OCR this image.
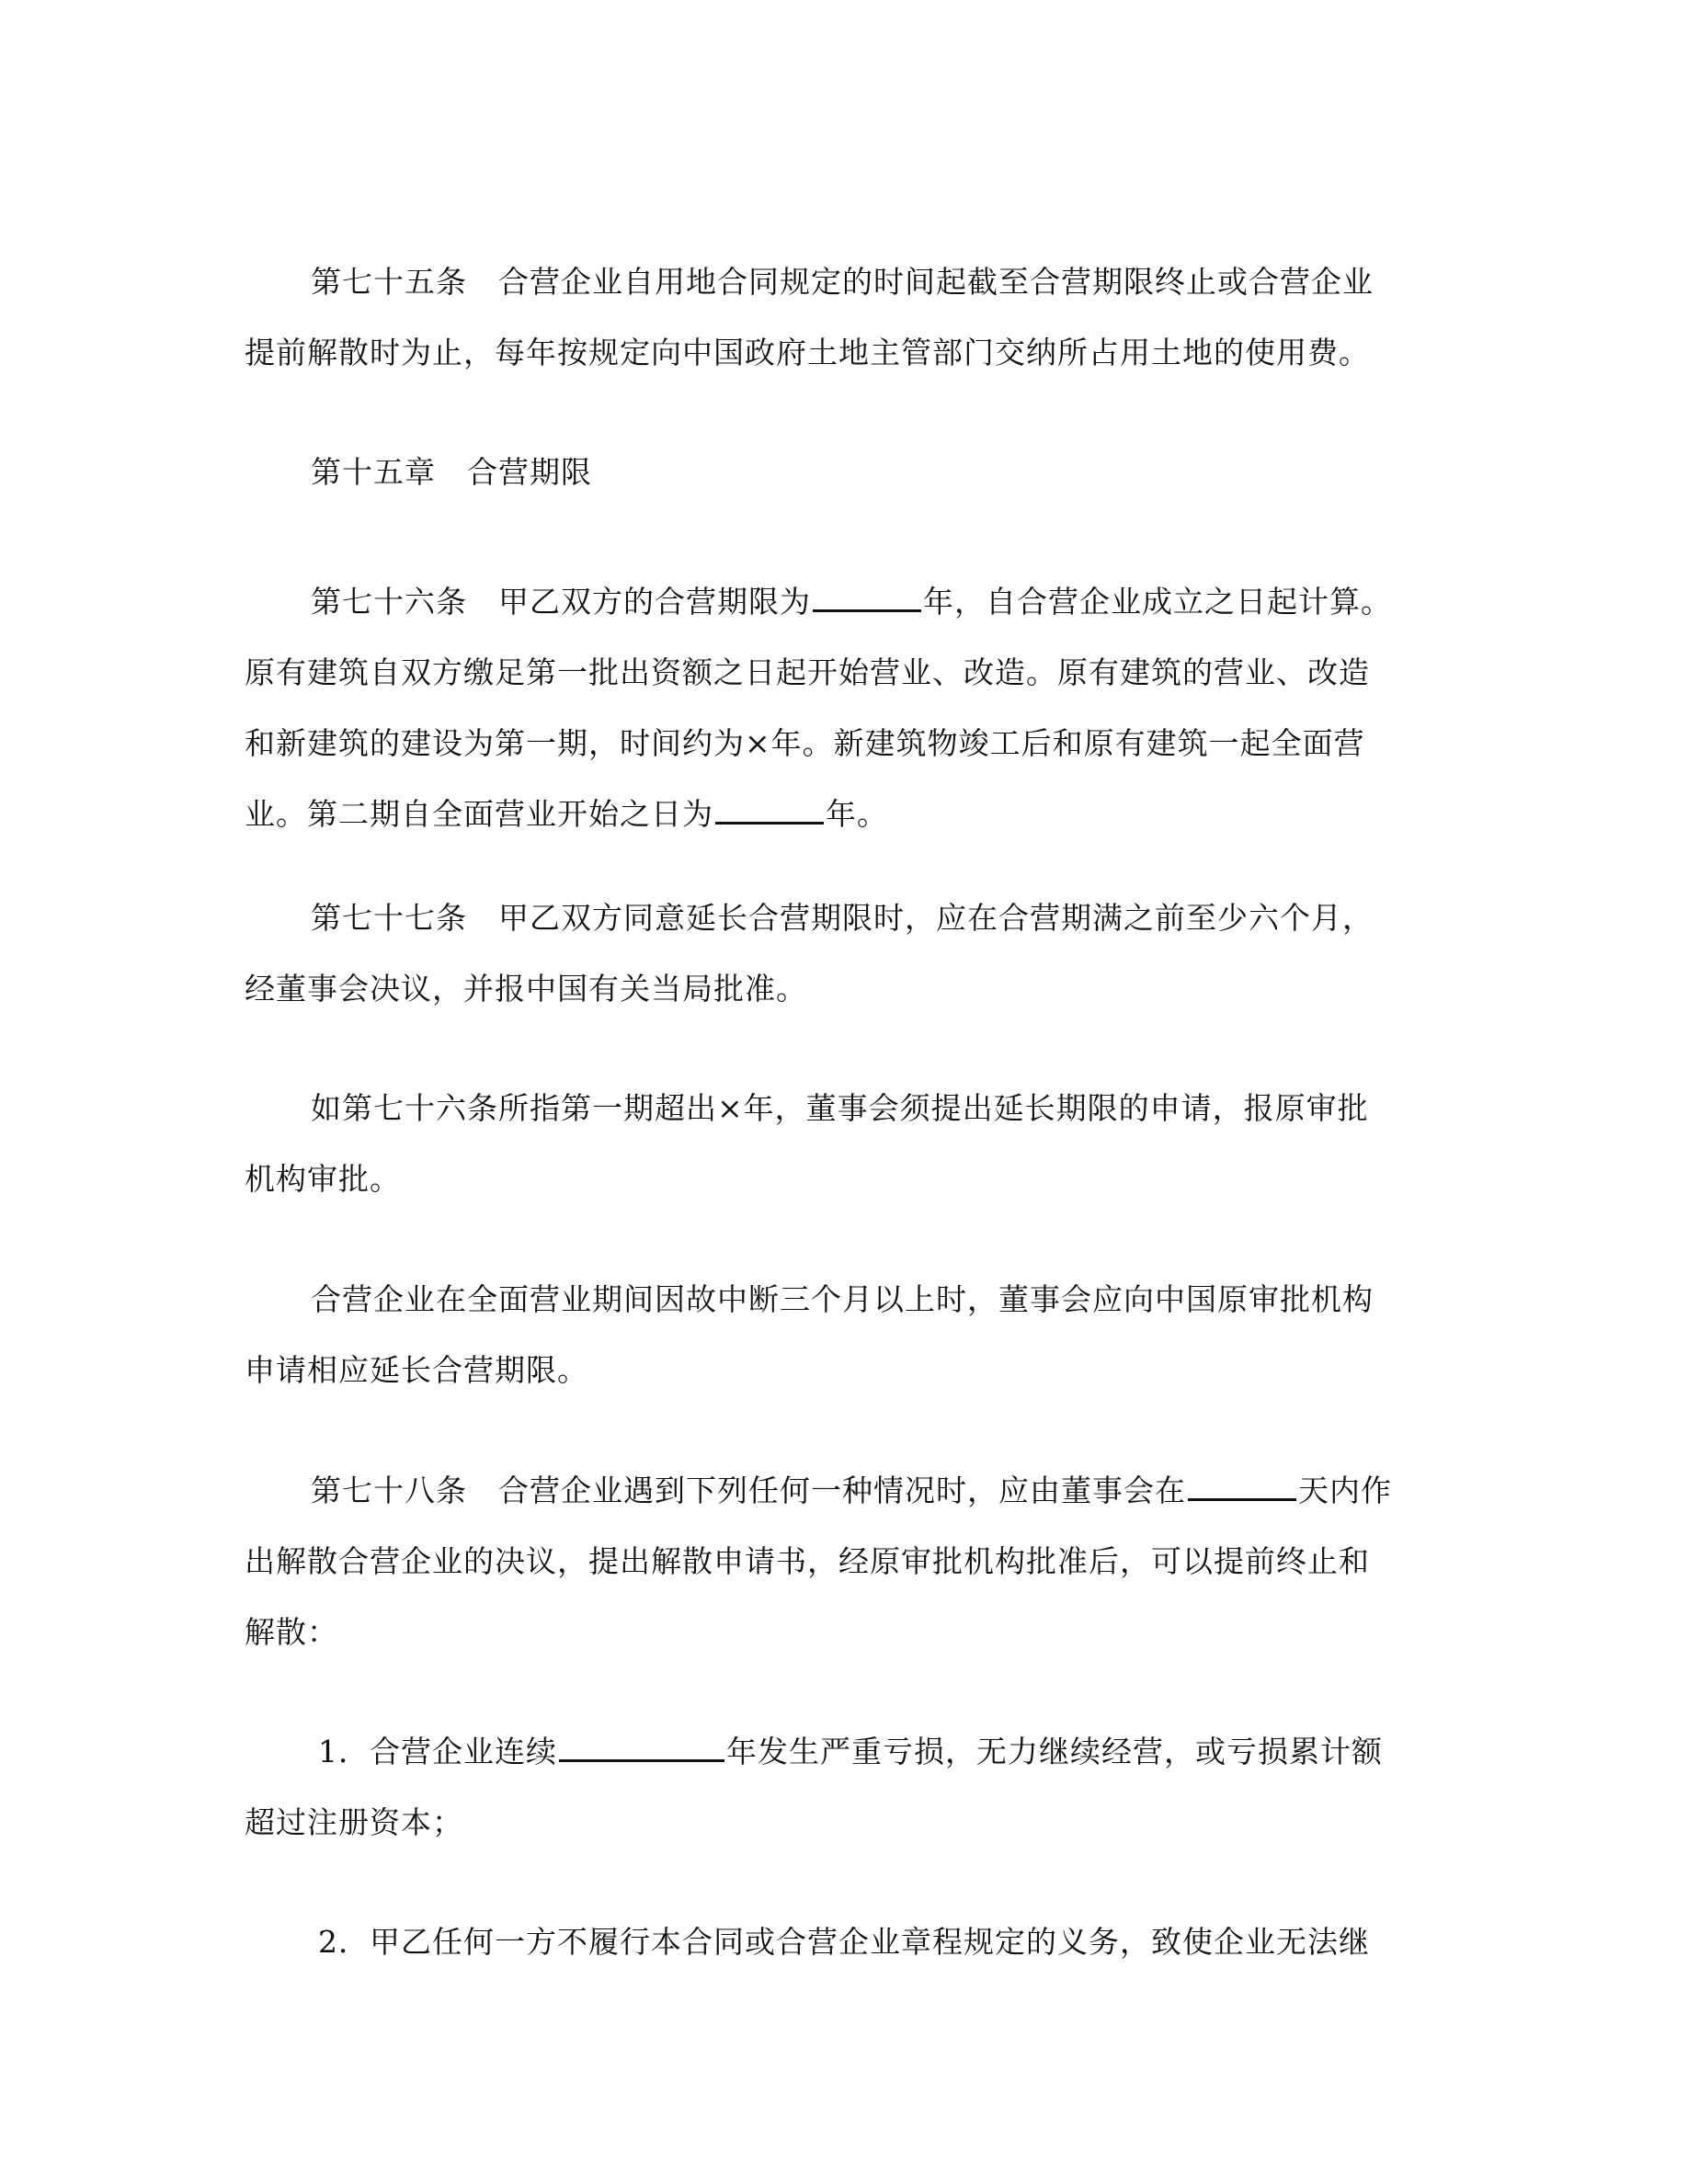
第七十五条　合营企业自用地合同规定的时间起截至合营期限终止或合营企业
提前解散时为止，每年按规定向中国政府土地主管部门交纳所占用土地的使用费。
第十五章　合营期限
第七十六条　甲乙双方的合营期限为	年，自合营企业成立之日起计算。
原有建筑自双方缴足第一批出资额之日起开始营业、改造。原有建筑的营业、改造
和新建筑的建设为第一期，时间约为×年。新建筑物竣工后和原有建筑一起全面营
业。第二期自全面营业开始之日为	年。
第七十七条　甲乙双方同意延长合营期限时，应在合营期满之前至少六个月，
经董事会决议，并报中国有关当局批准。
如第七十六条所指第一期超出×年，董事会须提出延长期限的申请，报原审批
机构审批。
合营企业在全面营业期间因故中断三个月以上时，董事会应向中国原审批机构
申请相应延长合营期限。
第七十八条　合营企业遇到下列任何一种情况时，应由董事会在	天内作
出解散合营企业的决议，提出解散申请书，经原审批机构批准后，可以提前终止和
解散：
1．合营企业连续	年发生严重亏损，无力继续经营，或亏损累计额
超过注册资本；
2．甲乙任何一方不履行本合同或合营企业章程规定的义务，致使企业无法继
